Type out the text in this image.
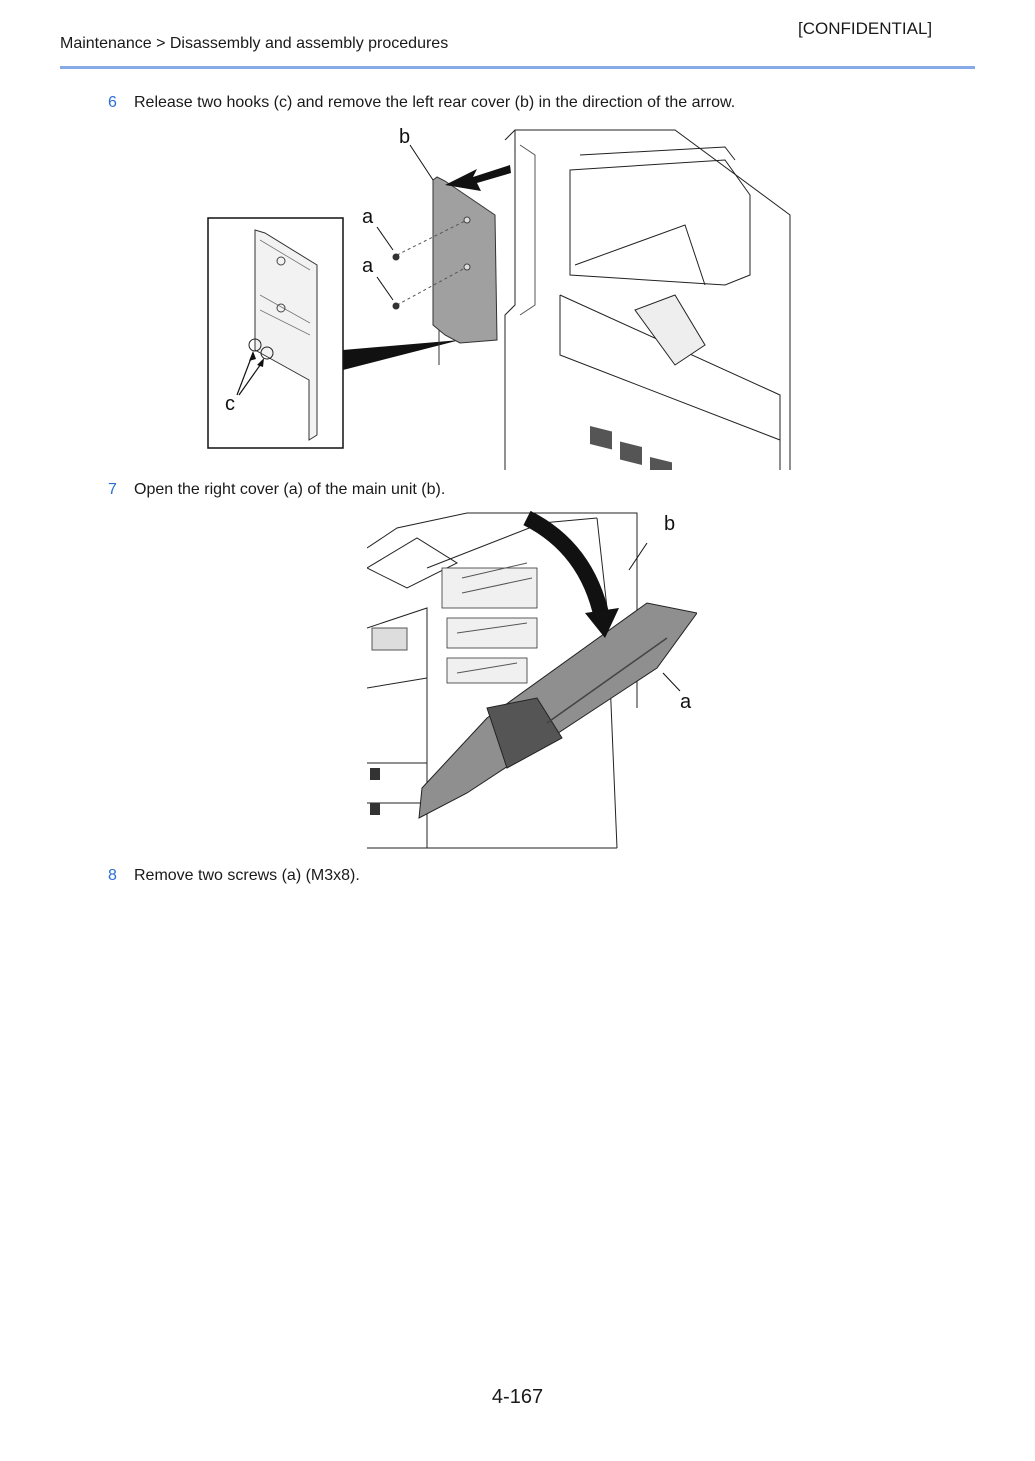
[CONFIDENTIAL]
Maintenance > Disassembly and assembly procedures
6 Release two hooks (c) and remove the left rear cover (b) in the direction of the arrow.
c
a
a
b
7 Open the right cover (a) of the main unit (b).
b
a
8 Remove two screws (a) (M3x8).
4-167
